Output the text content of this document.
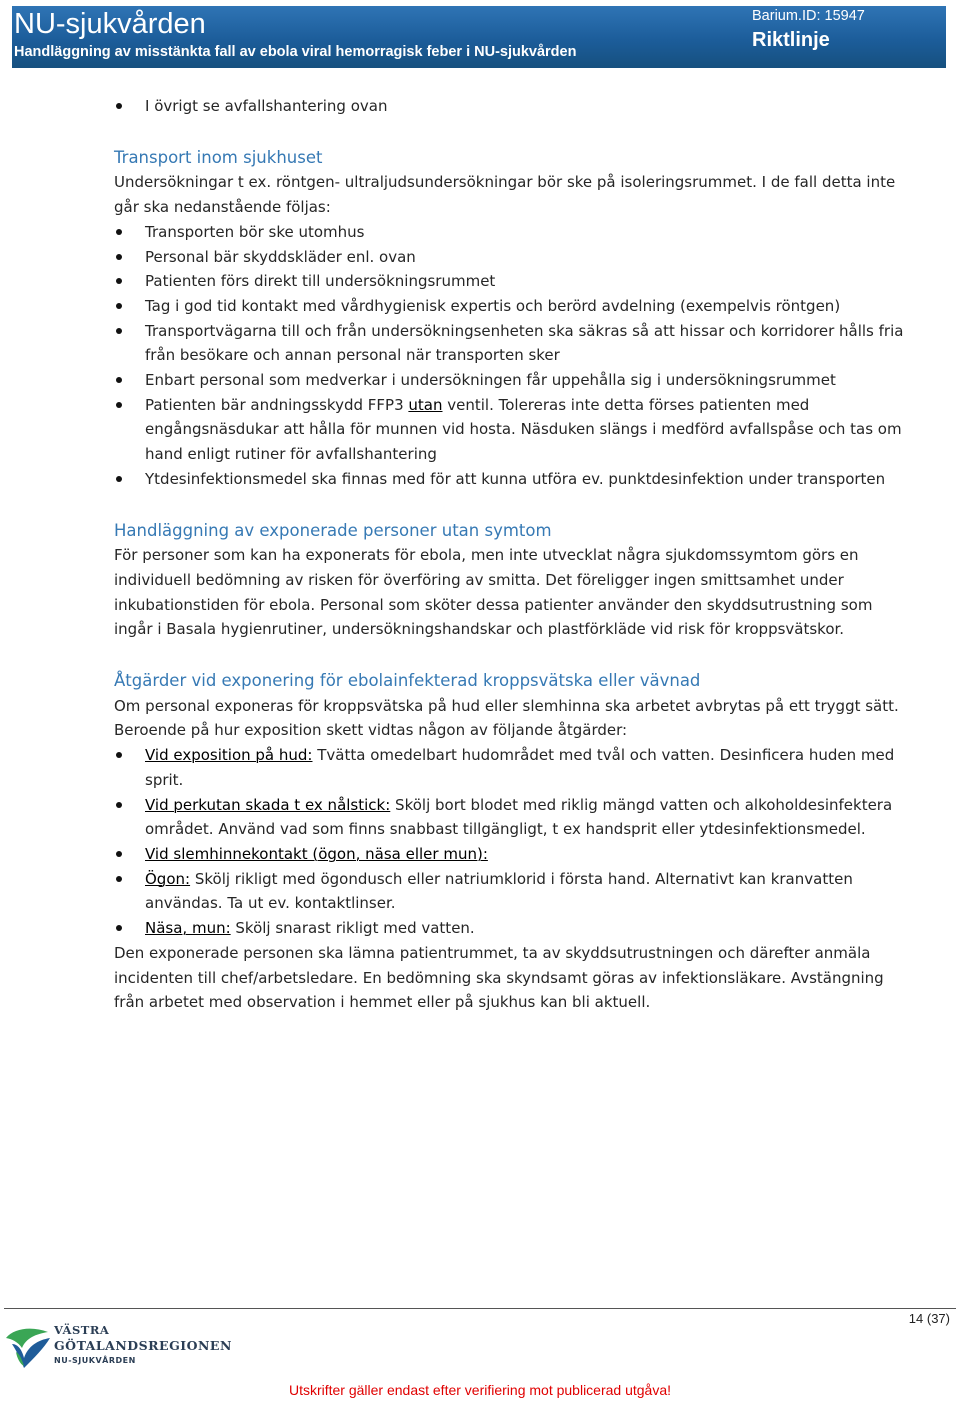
NU-sjukvården
Handläggning av misstänkta fall av ebola viral hemorragisk feber i NU-sjukvården
Barium.ID: 15947
Riktlinje
I övrigt se avfallshantering ovan
Transport inom sjukhuset

Undersökningar t ex. röntgen- ultraljudsundersökningar bör ske på isoleringsrummet. I de fall detta inte går ska nedanstående följas:

Transporten bör ske utomhus
Personal bär skyddskläder enl. ovan
Patienten förs direkt till undersökningsrummet
Tag i god tid kontakt med vårdhygienisk expertis och berörd avdelning (exempelvis röntgen)
Transportvägarna till och från undersökningsenheten ska säkras så att hissar och korridorer hålls fria från besökare och annan personal när transporten sker
Enbart personal som medverkar i undersökningen får uppehålla sig i undersökningsrummet
Patienten bär andningsskydd FFP3 utan ventil. Tolereras inte detta förses patienten med engångsnäsdukar att hålla för munnen vid hosta. Näsduken slängs i medförd avfallspåse och tas om hand enligt rutiner för avfallshantering
Ytdesinfektionsmedel ska finnas med för att kunna utföra ev. punktdesinfektion under transporten
Handläggning av exponerade personer utan symtom

För personer som kan ha exponerats för ebola, men inte utvecklat några sjukdomssymtom görs en individuell bedömning av risken för överföring av smitta. Det föreligger ingen smittsamhet under inkubationstiden för ebola. Personal som sköter dessa patienter använder den skyddsutrustning som ingår i Basala hygienrutiner, undersökningshandskar och plastförkläde vid risk för kroppsvätskor.

Åtgärder vid exponering för ebolainfekterad kroppsvätska eller vävnad

Om personal exponeras för kroppsvätska på hud eller slemhinna ska arbetet avbrytas på ett tryggt sätt. Beroende på hur exposition skett vidtas någon av följande åtgärder:

Vid exposition på hud: Tvätta omedelbart hudområdet med tvål och vatten. Desinficera huden med sprit.
Vid perkutan skada t ex nålstick: Skölj bort blodet med riklig mängd vatten och alkoholdesinfektera området. Använd vad som finns snabbast tillgängligt, t ex handsprit eller ytdesinfektionsmedel.
Vid slemhinnekontakt (ögon, näsa eller mun):
Ögon: Skölj rikligt med ögondusch eller natriumklorid i första hand. Alternativt kan kranvatten användas. Ta ut ev. kontaktlinser.
Näsa, mun: Skölj snarast rikligt med vatten.

Den exponerade personen ska lämna patientrummet, ta av skyddsutrustningen och därefter anmäla incidenten till chef/arbetsledare. En bedömning ska skyndsamt göras av infektionsläkare. Avstängning från arbetet med observation i hemmet eller på sjukhus kan bli aktuell.

14 (37)
VÄSTRA
GÖTALANDSREGIONEN
NU-SJUKVÅRDEN
Utskrifter gäller endast efter verifiering mot publicerad utgåva!
